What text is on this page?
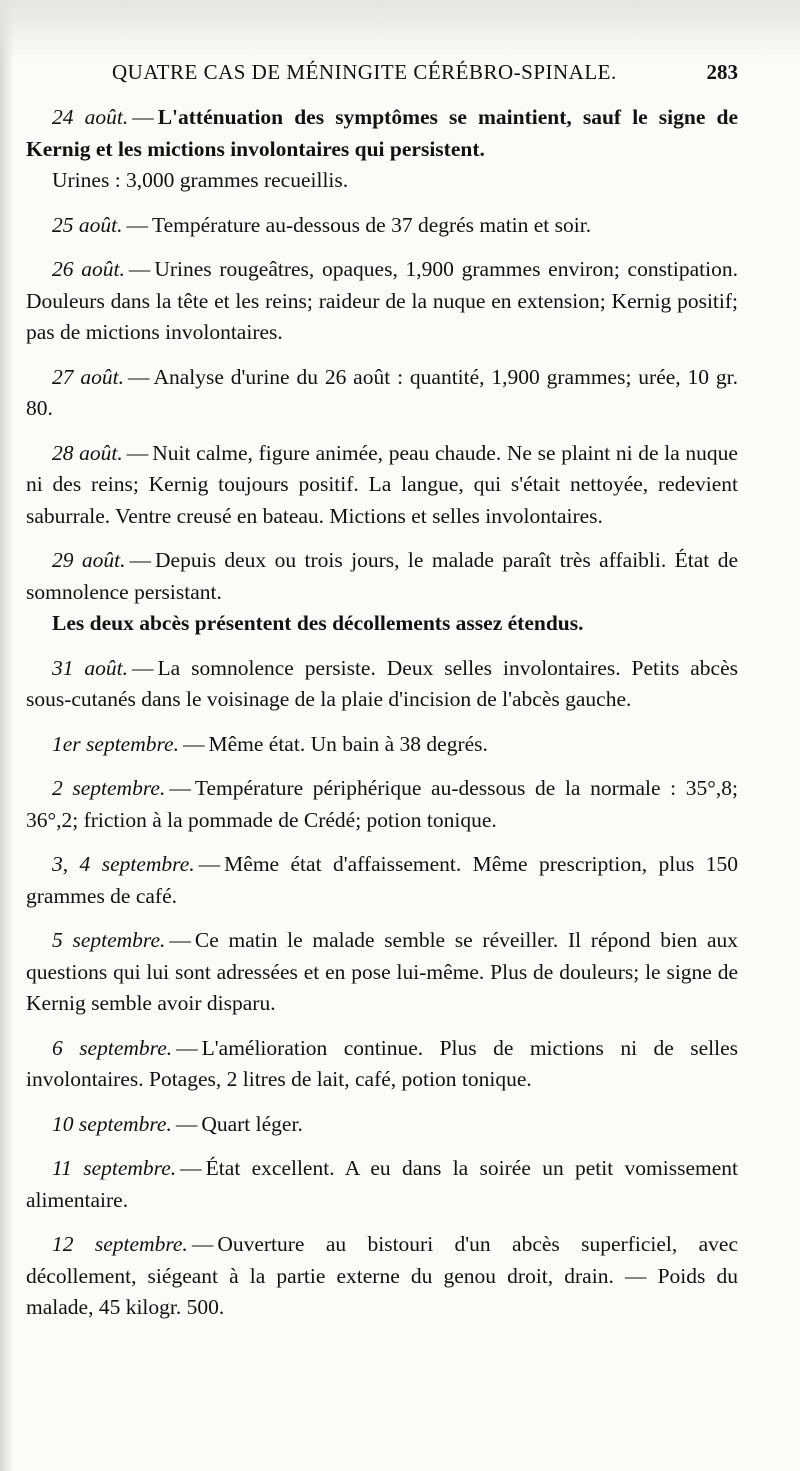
QUATRE CAS DE MÉNINGITE CÉRÉBRO-SPINALE.	283

24 août. — L'atténuation des symptômes se maintient, sauf le signe de Kernig et les mictions involontaires qui persistent.

Urines : 3,000 grammes recueillis.

25 août. — Température au-dessous de 37 degrés matin et soir.

26 août. — Urines rougeâtres, opaques, 1,900 grammes environ; constipation. Douleurs dans la tête et les reins; raideur de la nuque en extension; Kernig positif; pas de mictions involontaires.

27 août. — Analyse d'urine du 26 août : quantité, 1,900 grammes; urée, 10 gr. 80.

28 août. — Nuit calme, figure animée, peau chaude. Ne se plaint ni de la nuque ni des reins; Kernig toujours positif. La langue, qui s'était nettoyée, redevient saburrale. Ventre creusé en bateau. Mictions et selles involontaires.

29 août. — Depuis deux ou trois jours, le malade paraît très affaibli. État de somnolence persistant.

Les deux abcès présentent des décollements assez étendus.

31 août. — La somnolence persiste. Deux selles involontaires. Petits abcès sous-cutanés dans le voisinage de la plaie d'incision de l'abcès gauche.

1er septembre. — Même état. Un bain à 38 degrés.

2 septembre. — Température périphérique au-dessous de la normale : 35°,8; 36°,2; friction à la pommade de Crédé; potion tonique.

3, 4 septembre. — Même état d'affaissement. Même prescription, plus 150 grammes de café.

5 septembre. — Ce matin le malade semble se réveiller. Il répond bien aux questions qui lui sont adressées et en pose lui-même. Plus de douleurs; le signe de Kernig semble avoir disparu.

6 septembre. — L'amélioration continue. Plus de mictions ni de selles involontaires. Potages, 2 litres de lait, café, potion tonique.

10 septembre. — Quart léger.

11 septembre. — État excellent. A eu dans la soirée un petit vomissement alimentaire.

12 septembre. — Ouverture au bistouri d'un abcès superficiel, avec décollement, siégeant à la partie externe du genou droit, drain. — Poids du malade, 45 kilogr. 500.
